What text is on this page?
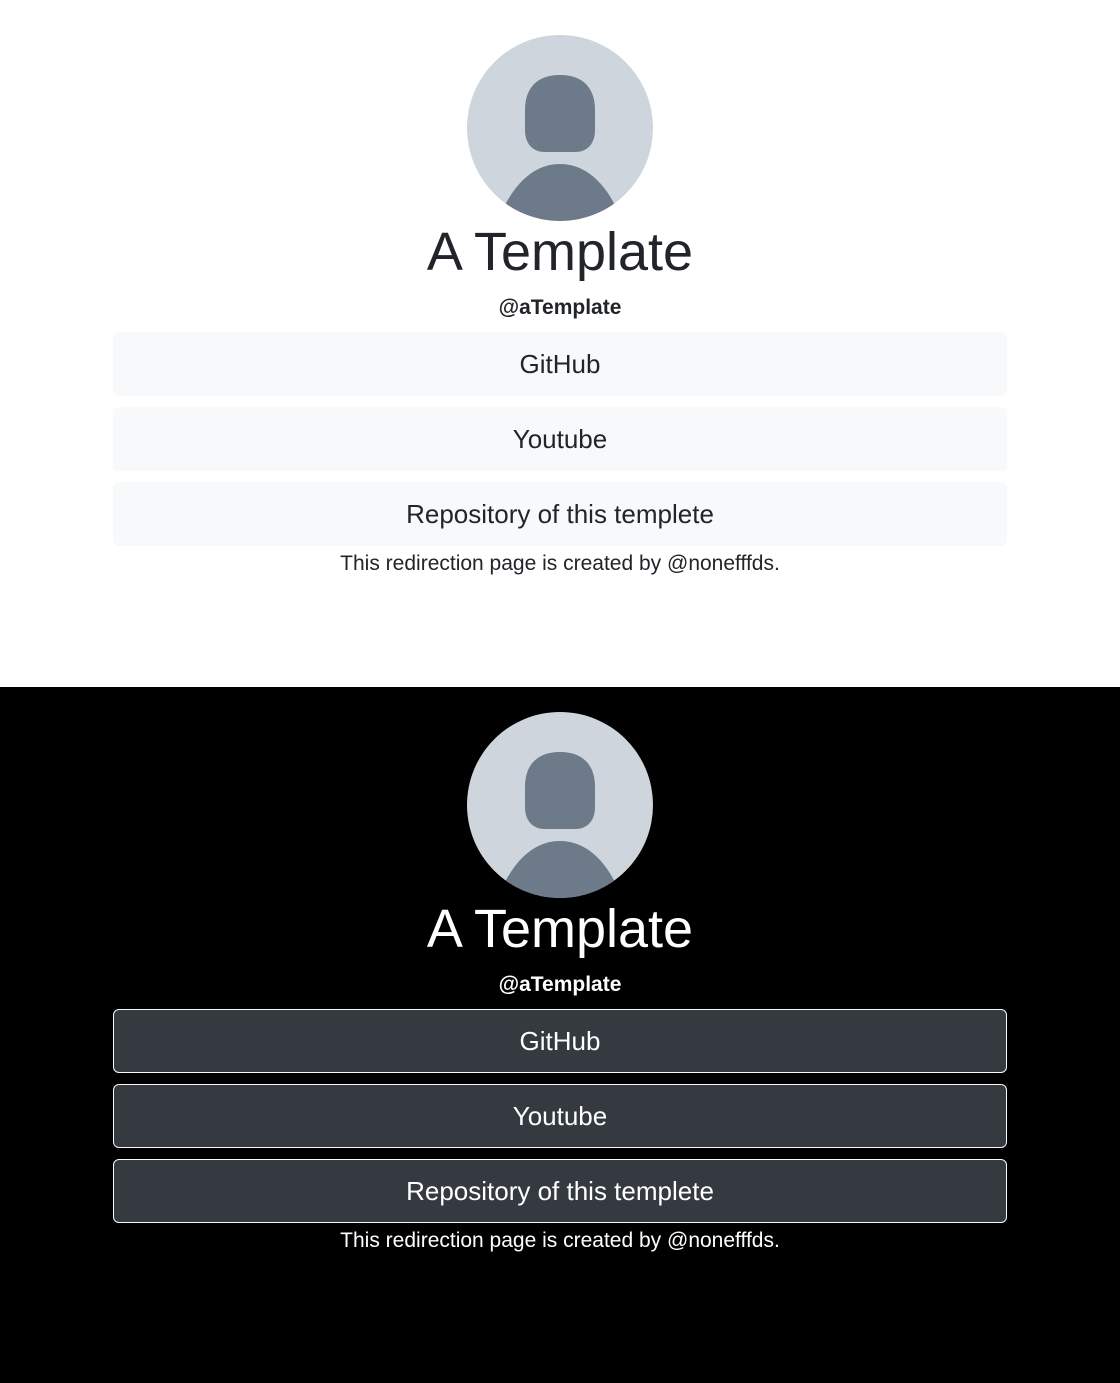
A Template
@aTemplate
GitHub
Youtube
Repository of this templete
This redirection page is created by @nonefffds.
A Template
@aTemplate
GitHub
Youtube
Repository of this templete
This redirection page is created by @nonefffds.
